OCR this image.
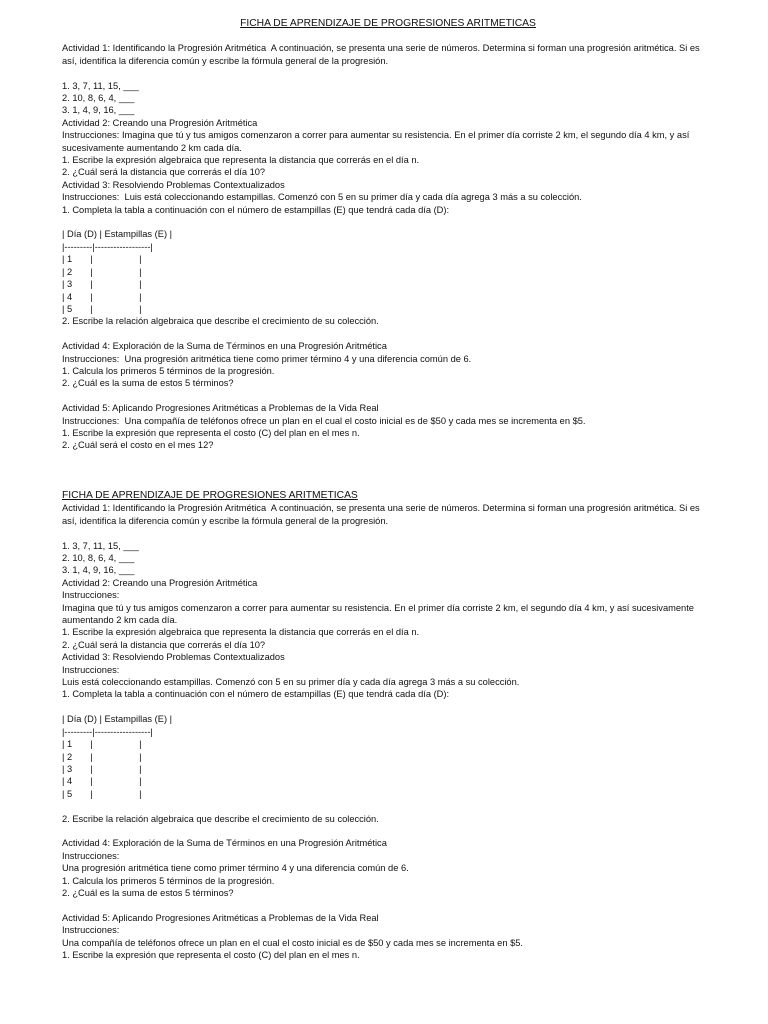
FICHA DE APRENDIZAJE DE PROGRESIONES ARITMETICAS

Actividad 1: Identificando la Progresión Aritmética  A continuación, se presenta una serie de números. Determina si forman una progresión aritmética. Si es así, identifica la diferencia común y escribe la fórmula general de la progresión.

1. 3, 7, 11, 15, ___

2. 10, 8, 6, 4, ___

3. 1, 4, 9, 16, ___

Actividad 2: Creando una Progresión Aritmética

Instrucciones: Imagina que tú y tus amigos comenzaron a correr para aumentar su resistencia. En el primer día corriste 2 km, el segundo día 4 km, y así sucesivamente aumentando 2 km cada día.

1. Escribe la expresión algebraica que representa la distancia que correrás en el día n.

2. ¿Cuál será la distancia que correrás el día 10?

Actividad 3: Resolviendo Problemas Contextualizados

Instrucciones:  Luis está coleccionando estampillas. Comenzó con 5 en su primer día y cada día agrega 3 más a su colección.

1. Completa la tabla a continuación con el número de estampillas (E) que tendrá cada día (D):

| Día (D) | Estampillas (E) |

|---------|------------------|

| 1       |                  |

| 2       |                  |

| 3       |                  |

| 4       |                  |

| 5       |                  |

2. Escribe la relación algebraica que describe el crecimiento de su colección.

Actividad 4: Exploración de la Suma de Términos en una Progresión Aritmética

Instrucciones:  Una progresión aritmética tiene como primer término 4 y una diferencia común de 6.

1. Calcula los primeros 5 términos de la progresión.

2. ¿Cuál es la suma de estos 5 términos?

Actividad 5: Aplicando Progresiones Aritméticas a Problemas de la Vida Real

Instrucciones:  Una compañía de teléfonos ofrece un plan en el cual el costo inicial es de $50 y cada mes se incrementa en $5.

1. Escribe la expresión que representa el costo (C) del plan en el mes n.

2. ¿Cuál será el costo en el mes 12?

FICHA DE APRENDIZAJE DE PROGRESIONES ARITMETICAS

Actividad 1: Identificando la Progresión Aritmética  A continuación, se presenta una serie de números. Determina si forman una progresión aritmética. Si es así, identifica la diferencia común y escribe la fórmula general de la progresión.

1. 3, 7, 11, 15, ___

2. 10, 8, 6, 4, ___

3. 1, 4, 9, 16, ___

Actividad 2: Creando una Progresión Aritmética

Instrucciones:

Imagina que tú y tus amigos comenzaron a correr para aumentar su resistencia. En el primer día corriste 2 km, el segundo día 4 km, y así sucesivamente aumentando 2 km cada día.

1. Escribe la expresión algebraica que representa la distancia que correrás en el día n.

2. ¿Cuál será la distancia que correrás el día 10?

Actividad 3: Resolviendo Problemas Contextualizados

Instrucciones:

Luis está coleccionando estampillas. Comenzó con 5 en su primer día y cada día agrega 3 más a su colección.

1. Completa la tabla a continuación con el número de estampillas (E) que tendrá cada día (D):

| Día (D) | Estampillas (E) |

|---------|------------------|

| 1       |                  |

| 2       |                  |

| 3       |                  |

| 4       |                  |

| 5       |                  |

2. Escribe la relación algebraica que describe el crecimiento de su colección.

Actividad 4: Exploración de la Suma de Términos en una Progresión Aritmética

Instrucciones:

Una progresión aritmética tiene como primer término 4 y una diferencia común de 6.

1. Calcula los primeros 5 términos de la progresión.

2. ¿Cuál es la suma de estos 5 términos?

Actividad 5: Aplicando Progresiones Aritméticas a Problemas de la Vida Real

Instrucciones:

Una compañía de teléfonos ofrece un plan en el cual el costo inicial es de $50 y cada mes se incrementa en $5.

1. Escribe la expresión que representa el costo (C) del plan en el mes n.
